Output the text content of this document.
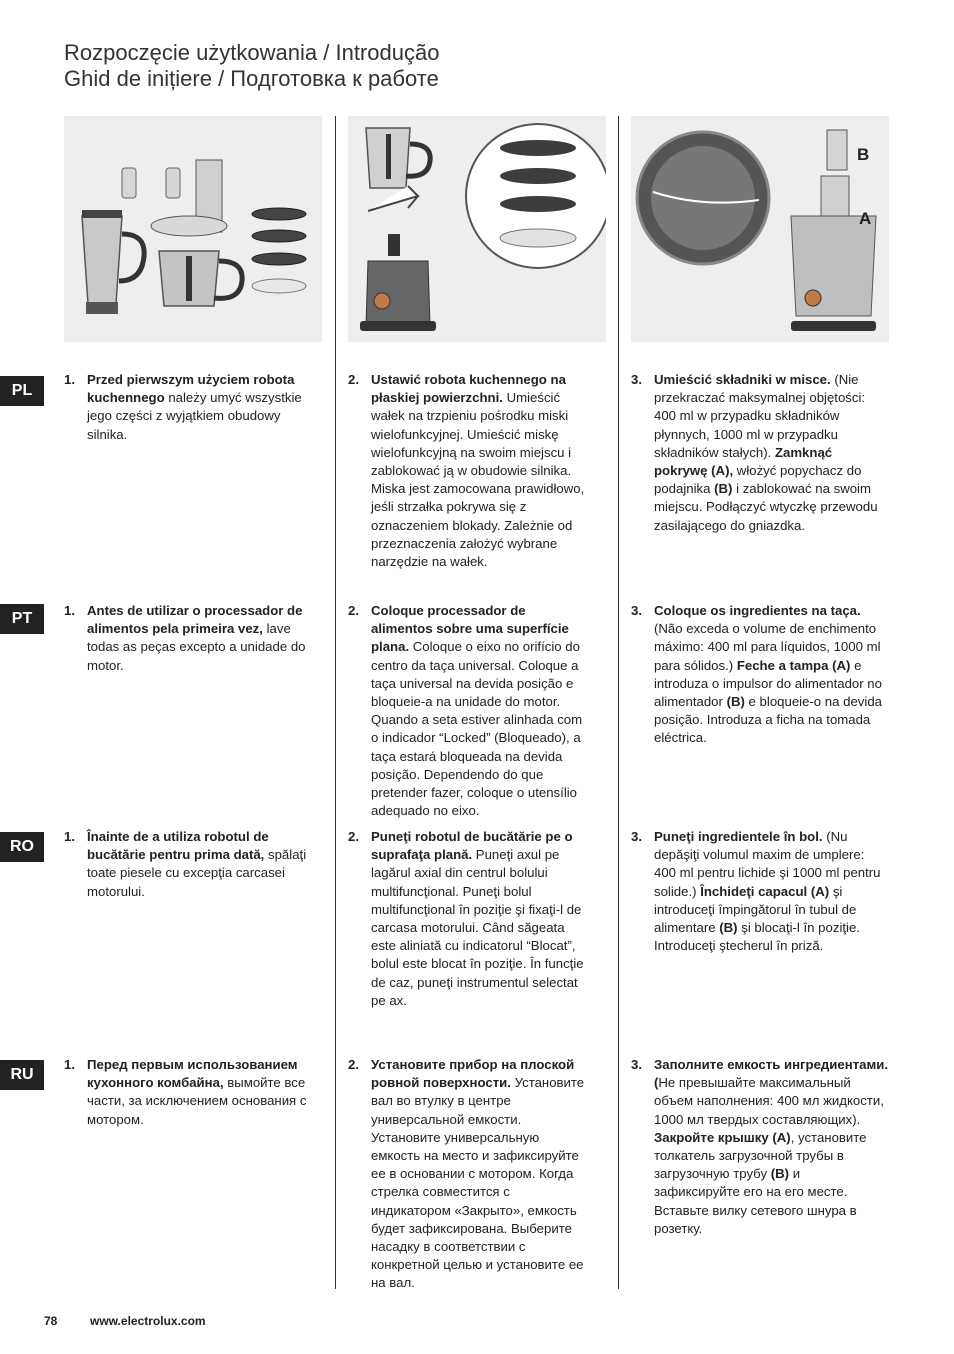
Rozpoczęcie użytkowania / Introdução
Ghid de inițiere / Подготовка к работе
B
A
PL
PT
RO
RU
1. Przed pierwszym użyciem robota kuchennego należy umyć wszystkie jego części z wyjątkiem obudowy silnika.
2. Ustawić robota kuchennego na płaskiej powierzchni. Umieścić wałek na trzpieniu pośrodku miski wielofunkcyjnej. Umieścić miskę wielofunkcyjną na swoim miejscu i zablokować ją w obudowie silnika. Miska jest zamocowana prawidłowo, jeśli strzałka pokrywa się z oznaczeniem blokady. Zależnie od przeznaczenia założyć wybrane narzędzie na wałek.
3. Umieścić składniki w misce. (Nie przekraczać maksymalnej objętości: 400 ml w przypadku składników płynnych, 1000 ml w przypadku składników stałych). Zamknąć pokrywę (A), włożyć popychacz do podajnika (B) i zablokować na swoim miejscu. Podłączyć wtyczkę przewodu zasilającego do gniazdka.
1. Antes de utilizar o processador de alimentos pela primeira vez, lave todas as peças excepto a unidade do motor.
2. Coloque processador de alimentos sobre uma superfície plana. Coloque o eixo no orifício do centro da taça universal. Coloque a taça universal na devida posição e bloqueie-a na unidade do motor. Quando a seta estiver alinhada com o indicador “Locked” (Bloqueado), a taça estará bloqueada na devida posição. Dependendo do que pretender fazer, coloque o utensílio adequado no eixo.
3. Coloque os ingredientes na taça. (Não exceda o volume de enchimento máximo: 400 ml para líquidos, 1000 ml para sólidos.) Feche a tampa (A) e introduza o impulsor do alimentador no alimentador (B) e bloqueie-o na devida posição. Introduza a ficha na tomada eléctrica.
1. Înainte de a utiliza robotul de bucătărie pentru prima dată, spălaţi toate piesele cu excepţia carcasei motorului.
2. Puneţi robotul de bucătărie pe o suprafaţa plană. Puneţi axul pe lagărul axial din centrul bolului multifuncţional. Puneţi bolul multifuncţional în poziţie şi fixaţi-l de carcasa motorului. Când săgeata este aliniată cu indicatorul “Blocat”, bolul este blocat în poziţie. În funcţie de caz, puneţi instrumentul selectat pe ax.
3. Puneţi ingredientele în bol. (Nu depăşiţi volumul maxim de umplere: 400 ml pentru lichide şi 1000 ml pentru solide.) Închideţi capacul (A) şi introduceţi împingătorul în tubul de alimentare (B) şi blocaţi-l în poziţie. Introduceţi ştecherul în priză.
1. Перед первым использованием кухонного комбайна, вымойте все части, за исключением основания с мотором.
2. Установите прибор на плоской ровной поверхности. Установите вал во втулку в центре универсальной емкости. Установите универсальную емкость на место и зафиксируйте ее в основании с мотором. Когда стрелка совместится с индикатором «Закрыто», емкость будет зафиксирована. Выберите насадку в соответствии с конкретной целью и установите ее на вал.
3. Заполните емкость ингредиентами. (Не превышайте максимальный объем наполнения: 400 мл жидкости, 1000 мл твердых составляющих). Закройте крышку (A), установите толкатель загрузочной трубы в загрузочную трубу (B) и зафиксируйте его на его месте. Вставьте вилку сетевого шнура в розетку.
78	www.electrolux.com
